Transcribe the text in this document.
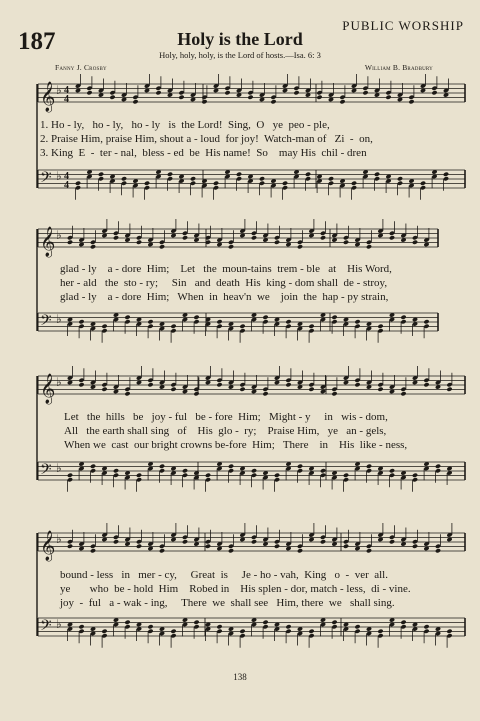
187	Holy is the Lord
PUBLIC WORSHIP
Holy, holy, holy, is the Lord of hosts.—Isa. 6: 3
Fanny J. Crosby	William B. Bradbury
𝄞 ♭ 4
4
𝄢 ♭ 4
4
𝄞 ♭
𝄢 ♭
𝄞 ♭
𝄢 ♭
𝄞 ♭
𝄢 ♭
1. Ho - ly,   ho - ly,   ho - ly   is  the Lord!  Sing,  O   ye  peo - ple,
2. Praise Him, praise Him, shout a - loud  for joy!  Watch-man of   Zi  -  on,
3. King  E  -  ter - nal,  bless - ed  be  His name!  So    may His  chil - dren
glad - ly    a - dore  Him;    Let   the  moun-tains  trem - ble   at    His Word,
her - ald   the  sto - ry;     Sin   and  death  His  king - dom shall  de - stroy,
glad - ly    a - dore  Him;   When  in  heav'n  we    join  the  hap - py strain,
Let   the  hills   be   joy - ful   be - fore  Him;   Might - y     in   wis - dom,
All   the earth shall sing   of    His  glo -  ry;    Praise Him,   ye   an - gels,
When we  cast  our bright crowns be-fore  Him;   There    in    His  like - ness,
bound - less   in   mer - cy,     Great  is     Je - ho - vah,  King   o  -  ver  all.
ye       who  be - hold  Him    Robed in    His splen - dor, match - less,  di - vine.
joy  -  ful   a - wak - ing,     There  we  shall see   Him, there  we   shall sing.
138
